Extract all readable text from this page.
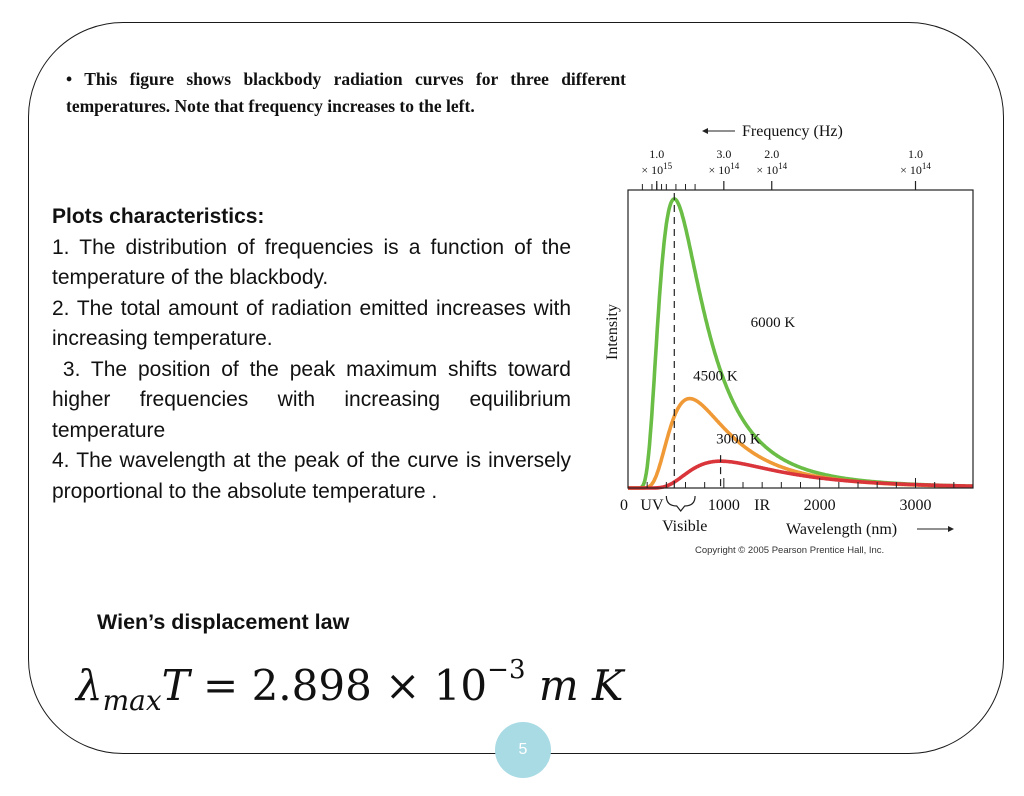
• This figure shows blackbody radiation curves for three different temperatures. Note that frequency increases to the left.

Plots characteristics:

1. The distribution of frequencies is a function of the temperature of the blackbody.

2. The total amount of radiation emitted increases with increasing temperature.

3. The position of the peak maximum shifts toward higher frequencies with increasing equilibrium temperature

4. The wavelength at the peak of the curve is inversely proportional to the absolute temperature .

6000 K
4500 K
3000 K
0	1000	2000	3000
UV	IR
Visible	Wavelength (nm)
Intensity
1.0
× $10^{15}$
3.0
× $10^{14}$
2.0
× $10^{14}$
1.0
× $10^{14}$
Frequency (Hz)
Copyright © 2005 Pearson Prentice Hall, Inc.
Wien’s displacement law
$\lambda_{max}T = 2.898 \times 10^{-3}$ m K
5
